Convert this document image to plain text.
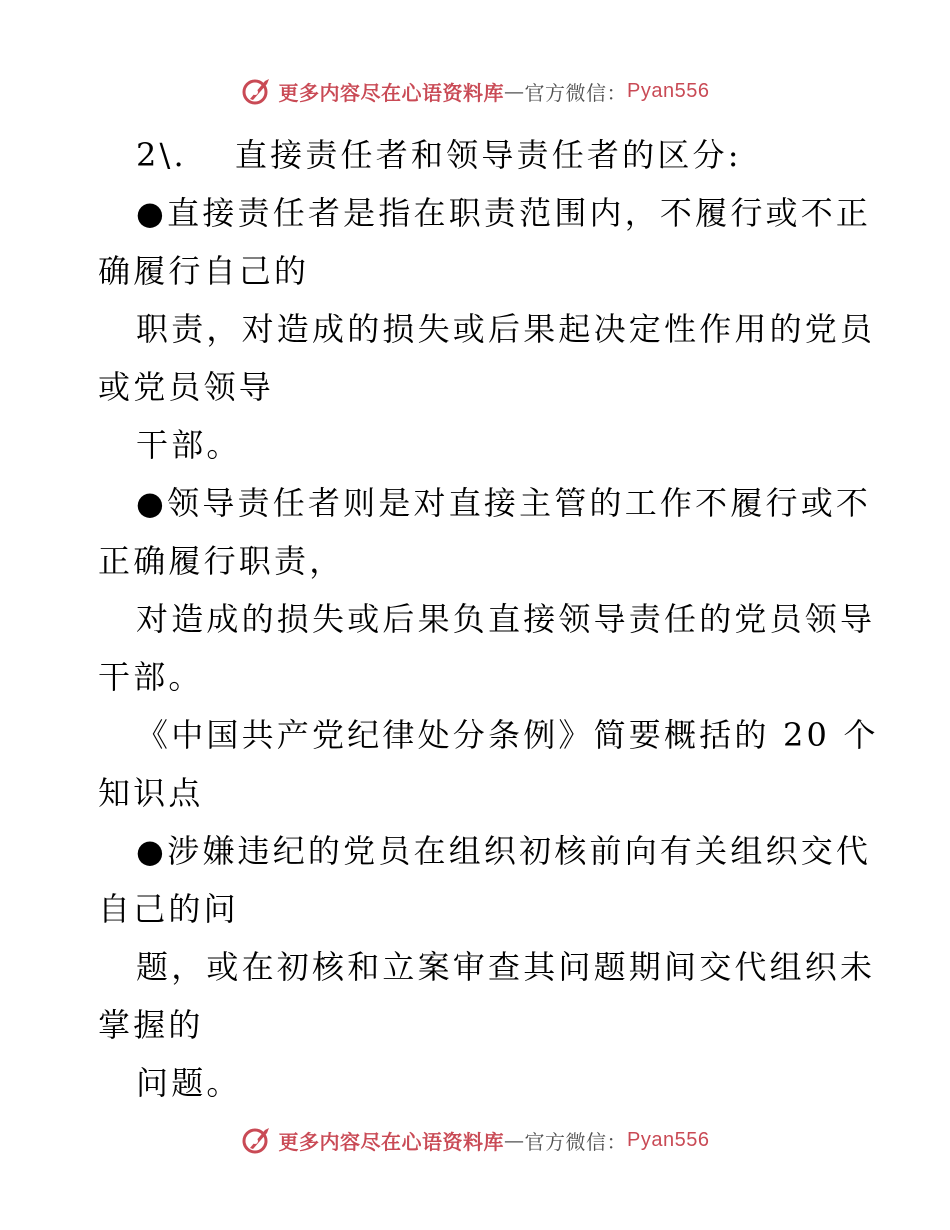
更多内容尽在心语资料库 — 官方微信： Pyan556

2\. 直接责任者和领导责任者的区分:

●直接责任者是指在职责范围内，不履行或不正

确履行自己的

职责，对造成的损失或后果起决定性作用的党员

或党员领导

干部。

●领导责任者则是对直接主管的工作不履行或不

正确履行职责，

对造成的损失或后果负直接领导责任的党员领导

干部。

《中国共产党纪律处分条例》简要概括的 20 个

知识点

●涉嫌违纪的党员在组织初核前向有关组织交代

自己的问

题，或在初核和立案审查其问题期间交代组织未

掌握的

问题。

更多内容尽在心语资料库 — 官方微信： Pyan556
